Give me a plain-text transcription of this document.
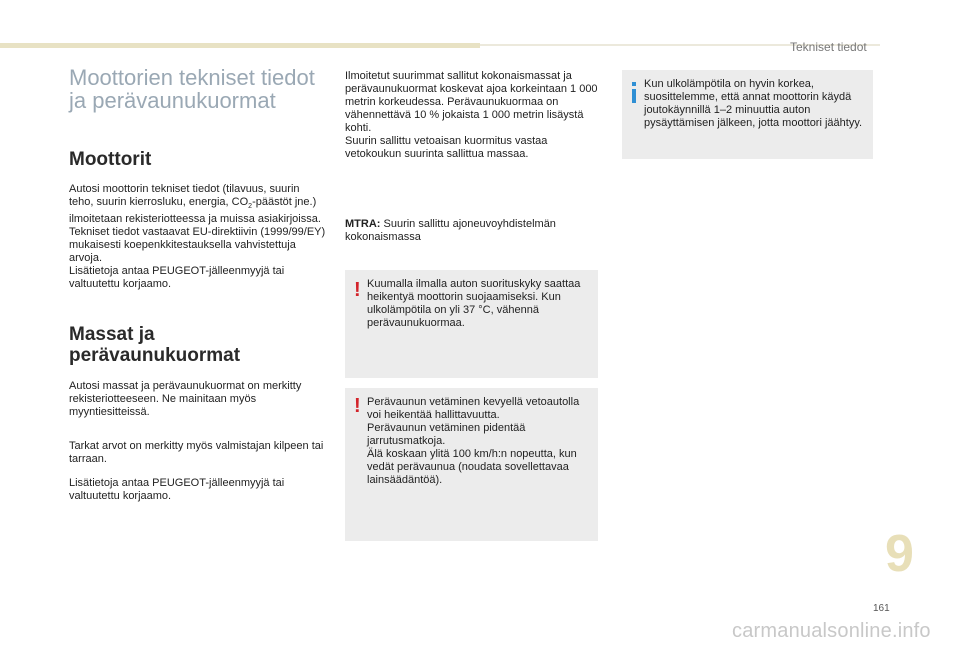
Tekniset tiedot
Moottorien tekniset tiedot
ja perävaunukuormat
Moottorit

Autosi moottorin tekniset tiedot (tilavuus, suurin teho, suurin kierrosluku, energia, $CO_2$-päästöt jne.) ilmoitetaan rekisteriotteessa ja muissa asiakirjoissa.

Tekniset tiedot vastaavat EU-direktiivin (1999/99/EY) mukaisesti koepenkkitestauksella vahvistettuja arvoja.

Lisätietoja antaa PEUGEOT-jälleenmyyjä tai valtuutettu korjaamo.

Massat ja
perävaunukuormat

Autosi massat ja perävaunukuormat on merkitty rekisteriotteeseen. Ne mainitaan myös myyntiesitteissä.

Tarkat arvot on merkitty myös valmistajan kilpeen tai tarraan.

Lisätietoja antaa PEUGEOT-jälleenmyyjä tai valtuutettu korjaamo.

Ilmoitetut suurimmat sallitut kokonaismassat ja perävaunukuormat koskevat ajoa korkeintaan 1 000 metrin korkeudessa. Perävaunukuormaa on vähennettävä 10 % jokaista 1 000 metrin lisäystä kohti.

Suurin sallittu vetoaisan kuormitus vastaa vetokoukun suurinta sallittua massaa.

MTRA: Suurin sallittu ajoneuvoyhdistelmän kokonaismassa

! Kuumalla ilmalla auton suorituskyky saattaa heikentyä moottorin suojaamiseksi. Kun ulkolämpötila on yli 37 °C, vähennä perävaunukuormaa.

! Perävaunun vetäminen kevyellä vetoautolla voi heikentää hallittavuutta.

Perävaunun vetäminen pidentää jarrutusmatkoja.

Älä koskaan ylitä 100 km/h:n nopeutta, kun vedät perävaunua (noudata sovellettavaa lainsäädäntöä).

Kun ulkolämpötila on hyvin korkea, suosittelemme, että annat moottorin käydä joutokäynnillä 1–2 minuuttia auton pysäyttämisen jälkeen, jotta moottori jäähtyy.

9
161
carmanualsonline.info
